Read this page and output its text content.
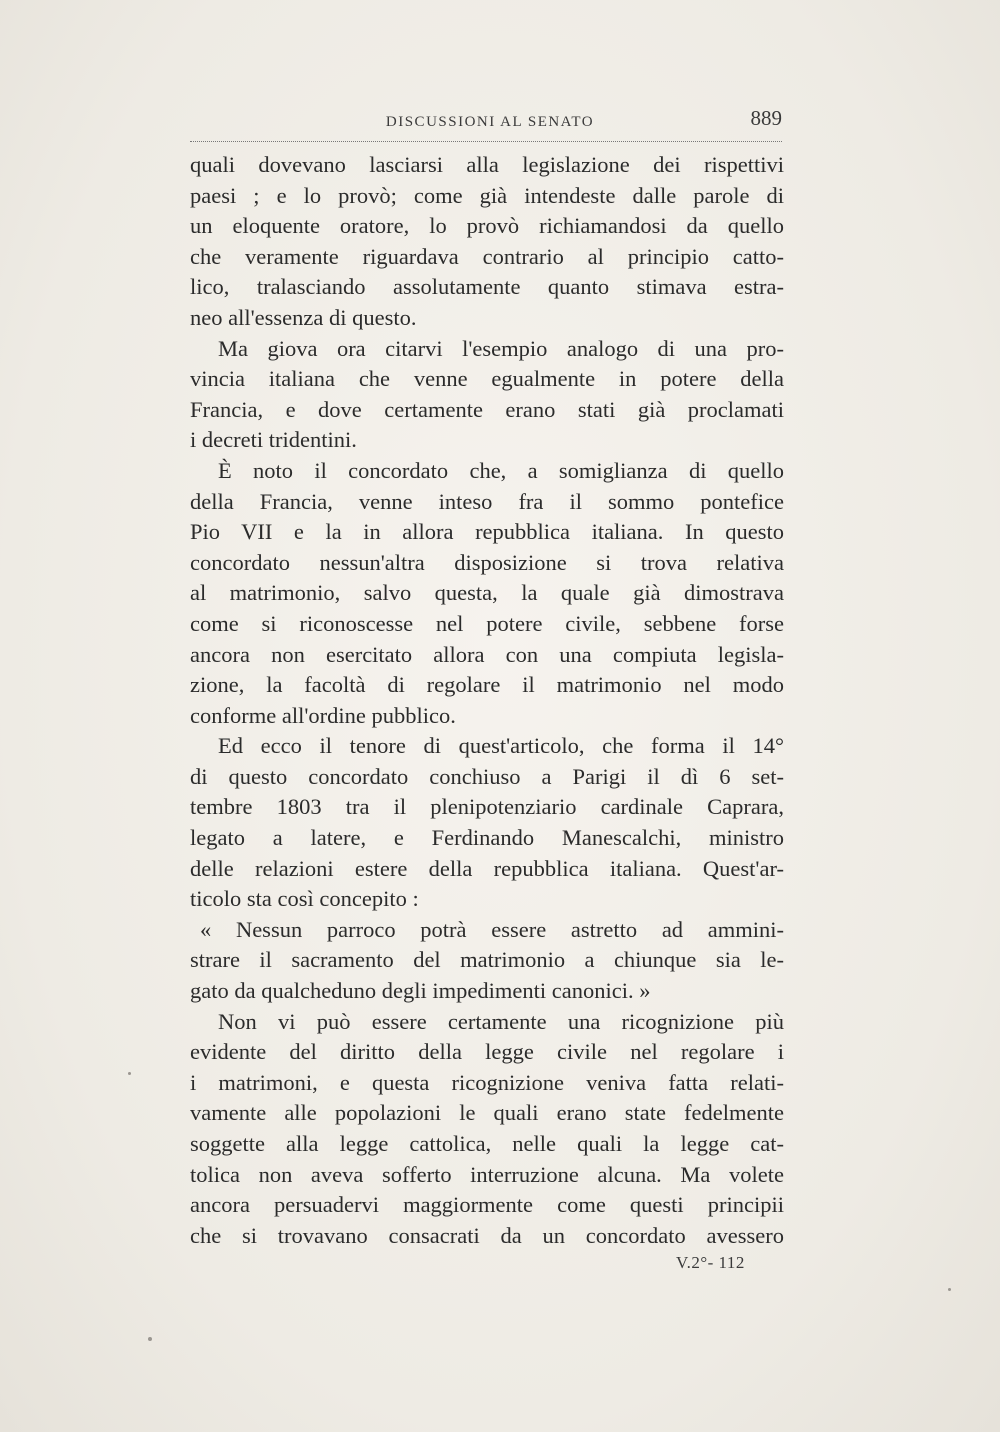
DISCUSSIONI AL SENATO	889
quali dovevano lasciarsi alla legislazione dei rispettivi
paesi ; e lo provò; come già intendeste dalle parole di
un eloquente oratore, lo provò richiamandosi da quello
che veramente riguardava contrario al principio catto-
lico, tralasciando assolutamente quanto stimava estra-
neo all'essenza di questo.
Ma giova ora citarvi l'esempio analogo di una pro-
vincia italiana che venne egualmente in potere della
Francia, e dove certamente erano stati già proclamati
i decreti tridentini.
È noto il concordato che, a somiglianza di quello
della Francia, venne inteso fra il sommo pontefice
Pio VII e la in allora repubblica italiana. In questo
concordato nessun'altra disposizione si trova relativa
al matrimonio, salvo questa, la quale già dimostrava
come si riconoscesse nel potere civile, sebbene forse
ancora non esercitato allora con una compiuta legisla-
zione, la facoltà di regolare il matrimonio nel modo
conforme all'ordine pubblico.
Ed ecco il tenore di quest'articolo, che forma il 14°
di questo concordato conchiuso a Parigi il dì 6 set-
tembre 1803 tra il plenipotenziario cardinale Caprara,
legato a latere, e Ferdinando Manescalchi, ministro
delle relazioni estere della repubblica italiana. Quest'ar-
ticolo sta così concepito :
« Nessun parroco potrà essere astretto ad ammini-
strare il sacramento del matrimonio a chiunque sia le-
gato da qualcheduno degli impedimenti canonici. »
Non vi può essere certamente una ricognizione più
evidente del diritto della legge civile nel regolare i
i matrimoni, e questa ricognizione veniva fatta relati-
vamente alle popolazioni le quali erano state fedelmente
soggette alla legge cattolica, nelle quali la legge cat-
tolica non aveva sofferto interruzione alcuna. Ma volete
ancora persuadervi maggiormente come questi principii
che si trovavano consacrati da un concordato avessero
V.2°- 112
